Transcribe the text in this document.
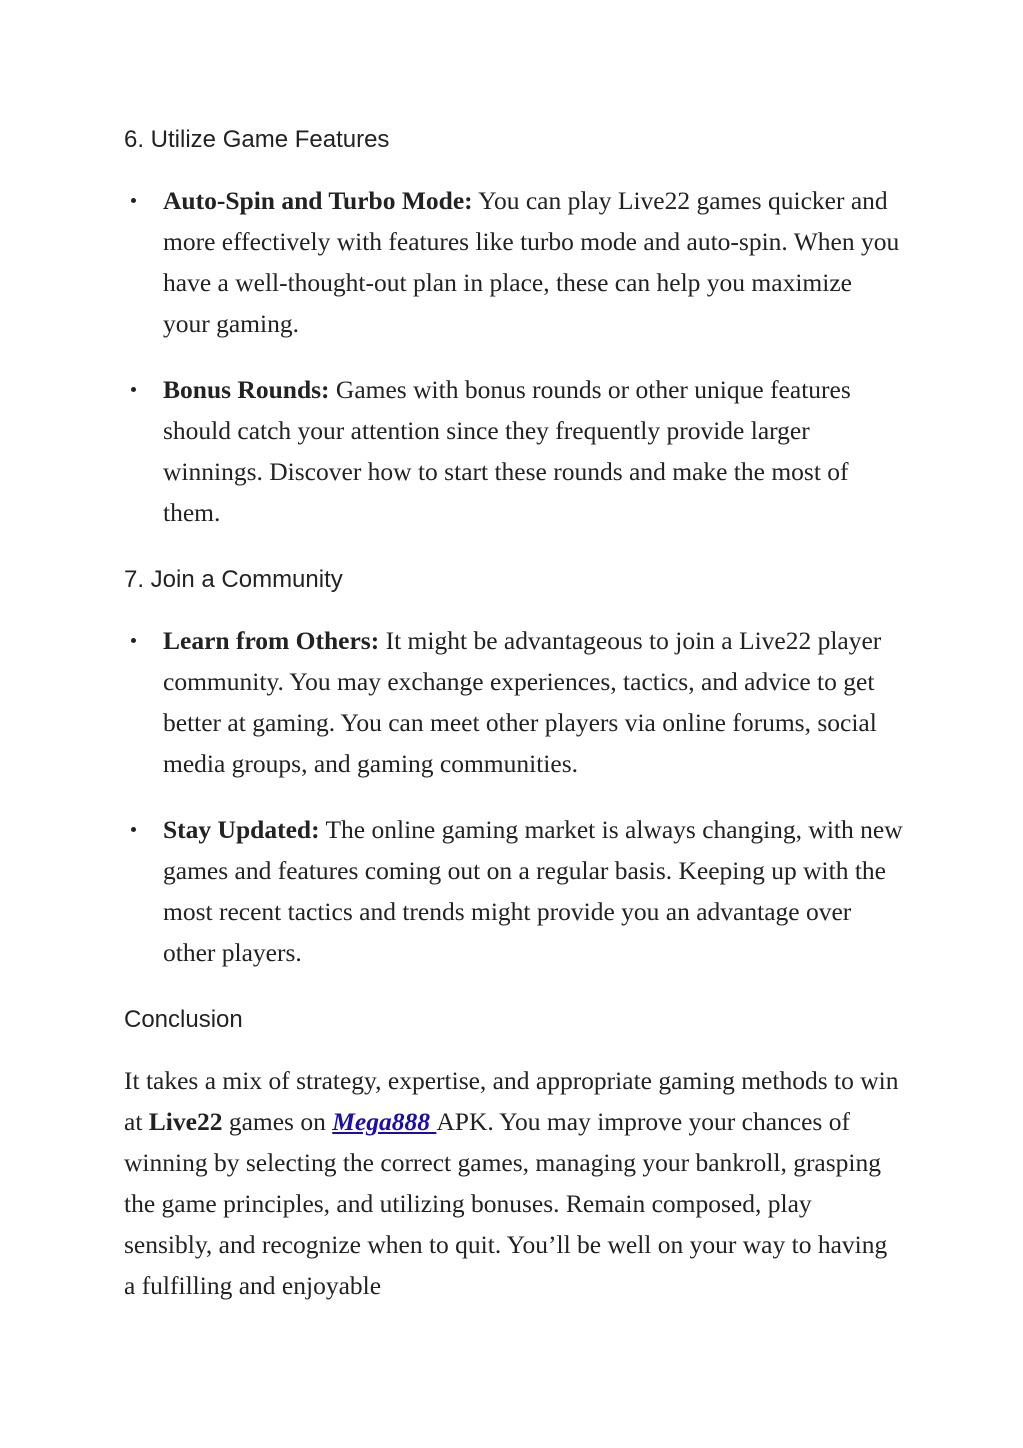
6. Utilize Game Features

Auto-Spin and Turbo Mode: You can play Live22 games quicker and more effectively with features like turbo mode and auto-spin. When you have a well-thought-out plan in place, these can help you maximize your gaming.

Bonus Rounds: Games with bonus rounds or other unique features should catch your attention since they frequently provide larger winnings. Discover how to start these rounds and make the most of them.

7. Join a Community

Learn from Others: It might be advantageous to join a Live22 player community. You may exchange experiences, tactics, and advice to get better at gaming. You can meet other players via online forums, social media groups, and gaming communities.

Stay Updated: The online gaming market is always changing, with new games and features coming out on a regular basis. Keeping up with the most recent tactics and trends might provide you an advantage over other players.

Conclusion

It takes a mix of strategy, expertise, and appropriate gaming methods to win at Live22 games on Mega888 APK. You may improve your chances of winning by selecting the correct games, managing your bankroll, grasping the game principles, and utilizing bonuses. Remain composed, play sensibly, and recognize when to quit. You’ll be well on your way to having a fulfilling and enjoyable
